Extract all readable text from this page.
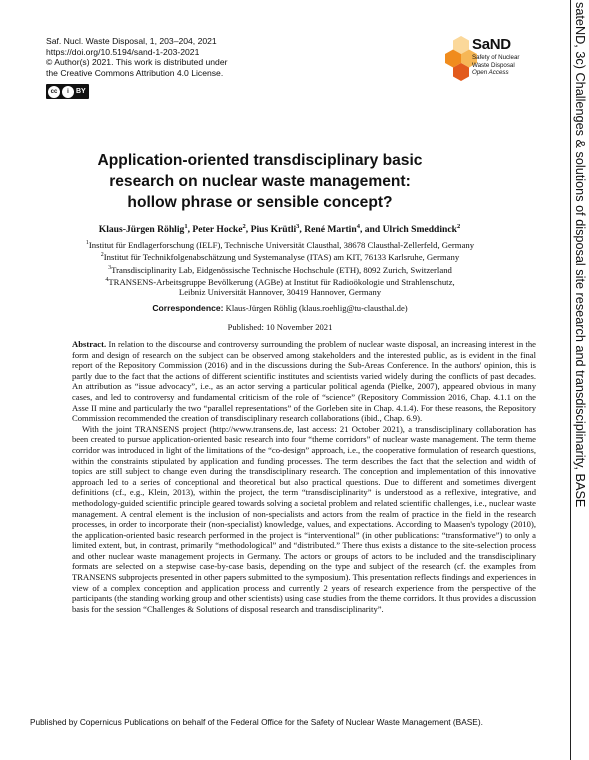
Saf. Nucl. Waste Disposal, 1, 203–204, 2021
https://doi.org/10.5194/sand-1-203-2021
© Author(s) 2021. This work is distributed under
the Creative Commons Attribution 4.0 License.
cc	i	BY
SaND
Safety of Nuclear
Waste Disposal
Open Access	sateND, 3c) Challenges & solutions of disposal site research and transdisciplinarity, BASE
Application-oriented transdisciplinary basic
research on nuclear waste management:
hollow phrase or sensible concept?
Klaus-Jürgen Röhlig$^1$, Peter Hocke$^2$, Pius Krütli$^3$, René Martin$^4$, and Ulrich Smeddinck$^2$
$^1$Institut für Endlagerforschung (IELF), Technische Universität Clausthal, 38678 Clausthal-Zellerfeld, Germany
$^2$Institut für Technikfolgenabschätzung und Systemanalyse (ITAS) am KIT, 76133 Karlsruhe, Germany
$^3$Transdisciplinarity Lab, Eidgenössische Technische Hochschule (ETH), 8092 Zurich, Switzerland
$^4$TRANSENS-Arbeitsgruppe Bevölkerung (AGBe) at Institut für Radioökologie und Strahlenschutz,
Leibniz Universität Hannover, 30419 Hannover, Germany
Correspondence: Klaus-Jürgen Röhlig (klaus.roehlig@tu-clausthal.de)
Published: 10 November 2021

Abstract. In relation to the discourse and controversy surrounding the problem of nuclear waste disposal, an increasing interest in the form and design of research on the subject can be observed among stakeholders and the interested public, as is evident in the final report of the Repository Commission (2016) and in the discussions during the Sub-Areas Conference. In the authors' opinion, this is partly due to the fact that the actions of different scientific institutes and scientists varied widely during the conflicts of past decades. An attribution as “issue advocacy”, i.e., as an actor serving a particular political agenda (Pielke, 2007), appeared obvious in many cases, and led to controversy and fundamental criticism of the role of “science” (Repository Commission 2016, Chap. 4.1.1 on the Asse II mine and particularly the two “parallel representations” of the Gorleben site in Chap. 4.1.4). For these reasons, the Repository Commission recommended the creation of transdisciplinary research collaborations (ibid., Chap. 6.9).

With the joint TRANSENS project (http://www.transens.de, last access: 21 October 2021), a transdisciplinary collaboration has been created to pursue application-oriented basic research into four “theme corridors” of nuclear waste management. The term theme corridor was introduced in light of the limitations of the “co-design” approach, i.e., the cooperative formulation of research questions, within the constraints stipulated by application and funding processes. The term describes the fact that the selection and width of topics are still subject to change even during the transdisciplinary research. The conception and implementation of this innovative approach led to a series of conceptional and theoretical but also practical questions. Due to different and sometimes divergent definitions (cf., e.g., Klein, 2013), within the project, the term “transdisciplinarity” is understood as a reflexive, integrative, and methodology-guided scientific principle geared towards solving a societal problem and related scientific challenges, i.e., nuclear waste management. A central element is the inclusion of non-specialists and actors from the realm of practice in the field in the research processes, in order to incorporate their (non-specialist) knowledge, values, and expectations. According to Maasen's typology (2010), the application-oriented basic research performed in the project is “interventional” (in other publications: “transformative”) to only a limited extent, but, in contrast, primarily “methodological” and “distributed.” There thus exists a distance to the site-selection process and other nuclear waste management projects in Germany. The actors or groups of actors to be included and the transdisciplinary formats are selected on a stepwise case-by-case basis, depending on the type and subject of the research (cf. the examples from TRANSENS subprojects presented in other papers submitted to the symposium). This presentation reflects findings and experiences in view of a complex conception and application process and currently 2 years of research experience from the perspective of the participants (the standing working group and other scientists) using case studies from the theme corridors. It thus provides a discussion basis for the session “Challenges & Solutions of disposal research and transdisciplinarity”.

Published by Copernicus Publications on behalf of the Federal Office for the Safety of Nuclear Waste Management (BASE).
